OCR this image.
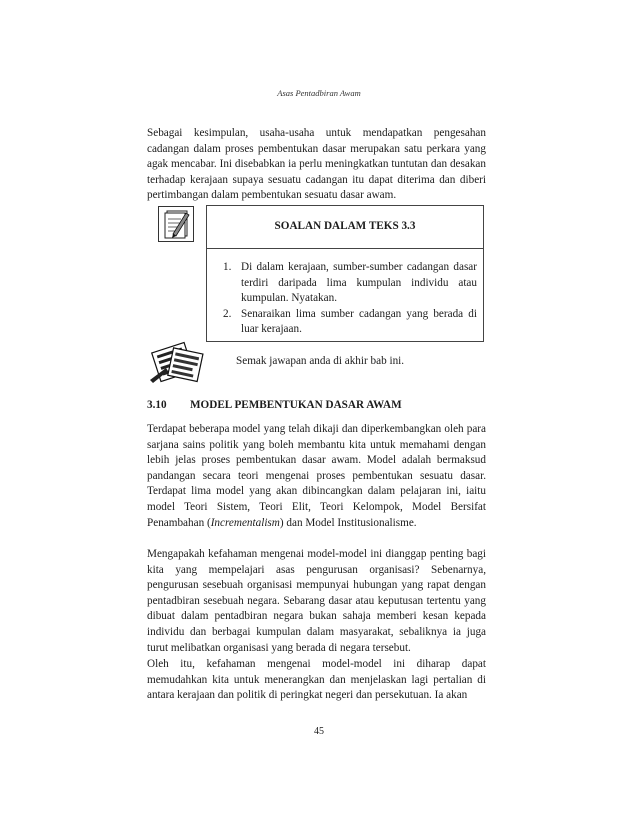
Asas Pentadbiran Awam
Sebagai kesimpulan, usaha-usaha untuk mendapatkan pengesahan cadangan dalam proses pembentukan dasar merupakan satu perkara yang agak mencabar. Ini disebabkan ia perlu meningkatkan tuntutan dan desakan terhadap kerajaan supaya sesuatu cadangan itu dapat diterima dan diberi pertimbangan dalam pembentukan sesuatu dasar awam.
SOALAN DALAM TEKS 3.3
1. Di dalam kerajaan, sumber-sumber cadangan dasar terdiri daripada lima kumpulan individu atau kumpulan. Nyatakan.
2. Senaraikan lima sumber cadangan yang berada di luar kerajaan.
Semak jawapan anda di akhir bab ini.
3.10 MODEL PEMBENTUKAN DASAR AWAM
Terdapat beberapa model yang telah dikaji dan diperkembangkan oleh para sarjana sains politik yang boleh membantu kita untuk memahami dengan lebih jelas proses pembentukan dasar awam. Model adalah bermaksud pandangan secara teori mengenai proses pembentukan sesuatu dasar. Terdapat lima model yang akan dibincangkan dalam pelajaran ini, iaitu model Teori Sistem, Teori Elit, Teori Kelompok, Model Bersifat Penambahan (Incrementalism) dan Model Institusionalisme.
Mengapakah kefahaman mengenai model-model ini dianggap penting bagi kita yang mempelajari asas pengurusan organisasi? Sebenarnya, pengurusan sesebuah organisasi mempunyai hubungan yang rapat dengan pentadbiran sesebuah negara. Sebarang dasar atau keputusan tertentu yang dibuat dalam pentadbiran negara bukan sahaja memberi kesan kepada individu dan berbagai kumpulan dalam masyarakat, sebaliknya ia juga turut melibatkan organisasi yang berada di negara tersebut.
Oleh itu, kefahaman mengenai model-model ini diharap dapat memudahkan kita untuk menerangkan dan menjelaskan lagi pertalian di antara kerajaan dan politik di peringkat negeri dan persekutuan. Ia akan
45
